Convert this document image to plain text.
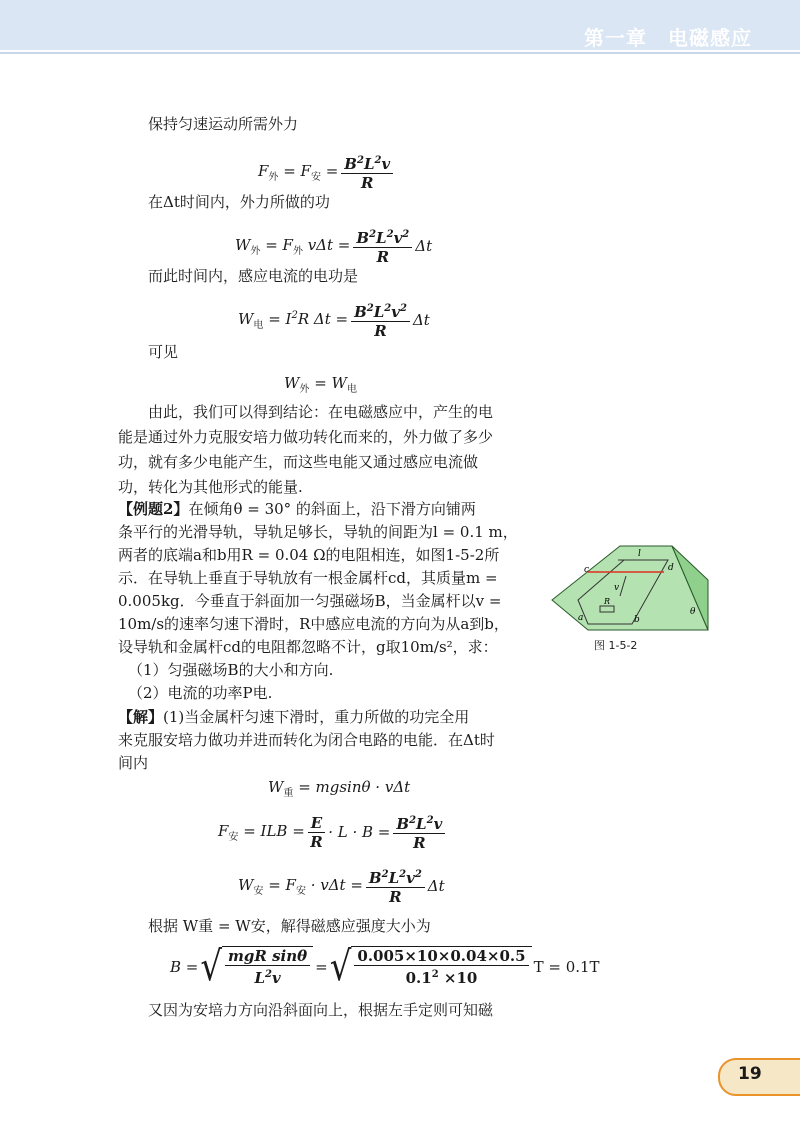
第一章　电磁感应
保持匀速运动所需外力
$F_外 = F_安 = \frac{B^2L^2v}{R}$
在Δt时间内，外力所做的功
$W_外 = F_外$ $v\Delta t = \frac{B^2L^2v^2}{R}$ Δt
而此时间内，感应电流的电功是
$W_电 = I^2R$ $\Delta t = \frac{B^2L^2v^2}{R}$ Δt
可见
$W_外 = W_电$
由此，我们可以得到结论：在电磁感应中，产生的电
能是通过外力克服安培力做功转化而来的，外力做了多少
功，就有多少电能产生，而这些电能又通过感应电流做
功，转化为其他形式的能量.
【例题2】在倾角θ = 30° 的斜面上，沿下滑方向铺两
条平行的光滑导轨，导轨足够长，导轨的间距为l = 0.1 m，
两者的底端a和b用R = 0.04 Ω的电阻相连，如图1-5-2所
示．在导轨上垂直于导轨放有一根金属杆cd，其质量m =
0.005kg．今垂直于斜面加一匀强磁场B，当金属杆以v =
10m/s的速率匀速下滑时，R中感应电流的方向为从a到b，
设导轨和金属杆cd的电阻都忽略不计，g取10m/s²，求：
（1）匀强磁场B的大小和方向.
（2）电流的功率P电.
【解】(1)当金属杆匀速下滑时，重力所做的功完全用
来克服安培力做功并进而转化为闭合电路的电能．在Δt时
间内
$W_重 = mgsin\theta \cdot v\Delta t$
$F_安$ = ILB = $\frac{E}{R} \cdot L \cdot B = \frac{B^2L^2v}{R}$
$W_安 = F_安 \cdot v\Delta t = \frac{B^2L^2v^2}{R}$ Δt
根据 W重 = W安，解得磁感应强度大小为
B = √ $\frac{\text{mgR sinθ}}{L^2v}$ = √ $\frac{0.005\times 10\times 0.04\times 0.5}{0.1^2 \times 10}$ T = 0.1T
又因为安培力方向沿斜面向上，根据左手定则可知磁
c	d
l
v
R
a	b
θ
图 1-5-2
19
